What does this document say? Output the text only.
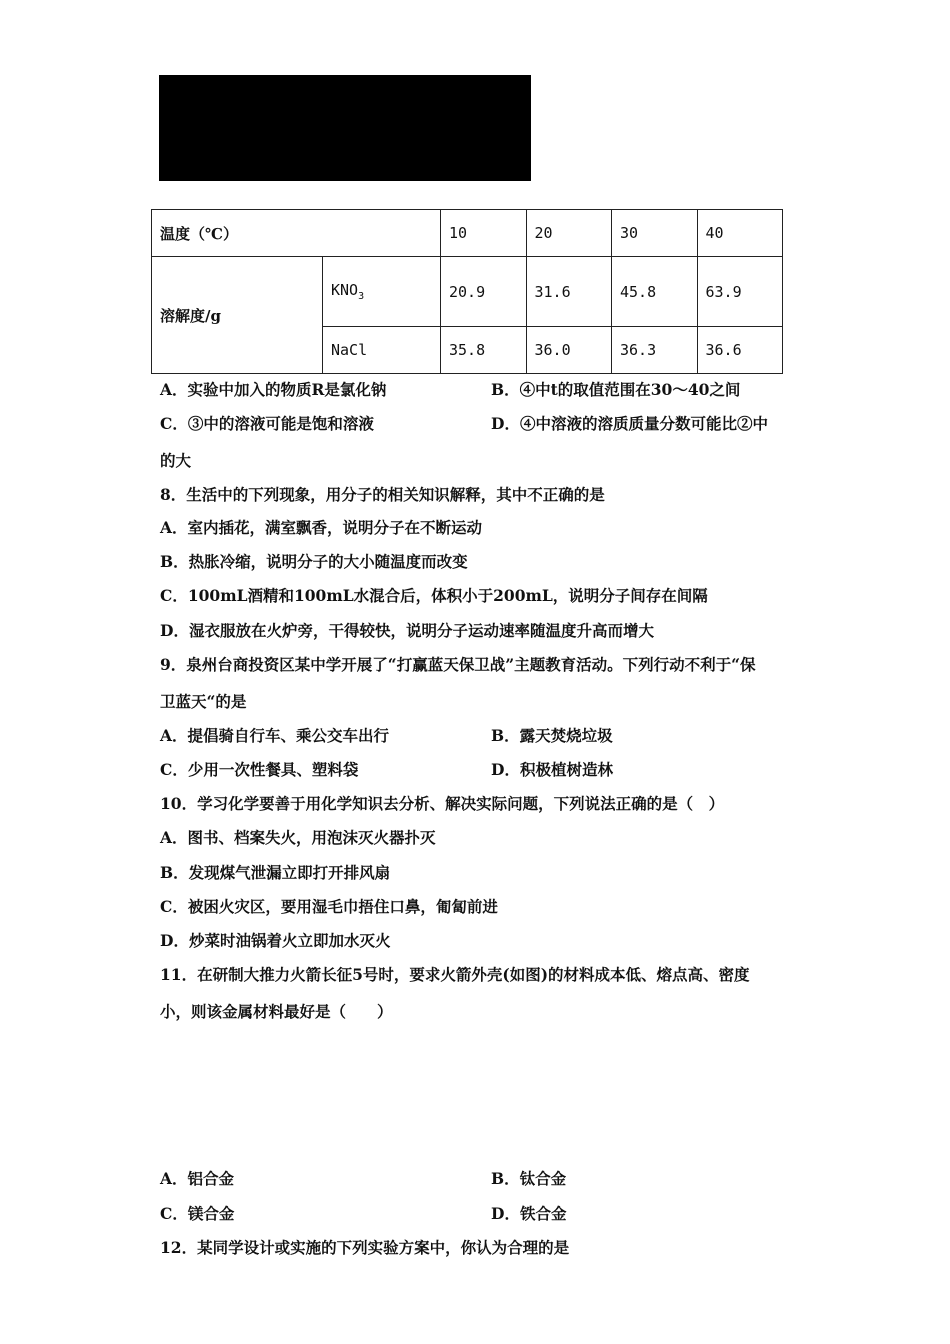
温度（℃）		10	20	30	40
溶解度/g	$KNO_3$	20.9	31.6	45.8	63.9
	NaCl	35.8	36.0	36.3	36.6
A．实验中加入的物质R是氯化钠	B．④中t的取值范围在30～40之间
C．③中的溶液可能是饱和溶液	D．④中溶液的溶质质量分数可能比②中
的大
8．生活中的下列现象，用分子的相关知识解释，其中不正确的是
A．室内插花，满室飘香，说明分子在不断运动
B．热胀冷缩，说明分子的大小随温度而改变
C．100mL酒精和100mL水混合后，体积小于200mL，说明分子间存在间隔
D．湿衣服放在火炉旁，干得较快，说明分子运动速率随温度升高而增大
9．泉州台商投资区某中学开展了“打赢蓝天保卫战”主题教育活动。下列行动不利于“保
卫蓝天“的是
A．提倡骑自行车、乘公交车出行	B．露天焚烧垃圾
C．少用一次性餐具、塑料袋	D．积极植树造林
10．学习化学要善于用化学知识去分析、解决实际问题，下列说法正确的是（　）
A．图书、档案失火，用泡沫灭火器扑灭
B．发现煤气泄漏立即打开排风扇
C．被困火灾区，要用湿毛巾捂住口鼻，匍匐前进
D．炒菜时油锅着火立即加水灭火
11．在研制大推力火箭长征5号时，要求火箭外壳(如图)的材料成本低、熔点高、密度
小，则该金属材料最好是（　　）
A．铝合金	B．钛合金
C．镁合金	D．铁合金
12．某同学设计或实施的下列实验方案中，你认为合理的是
